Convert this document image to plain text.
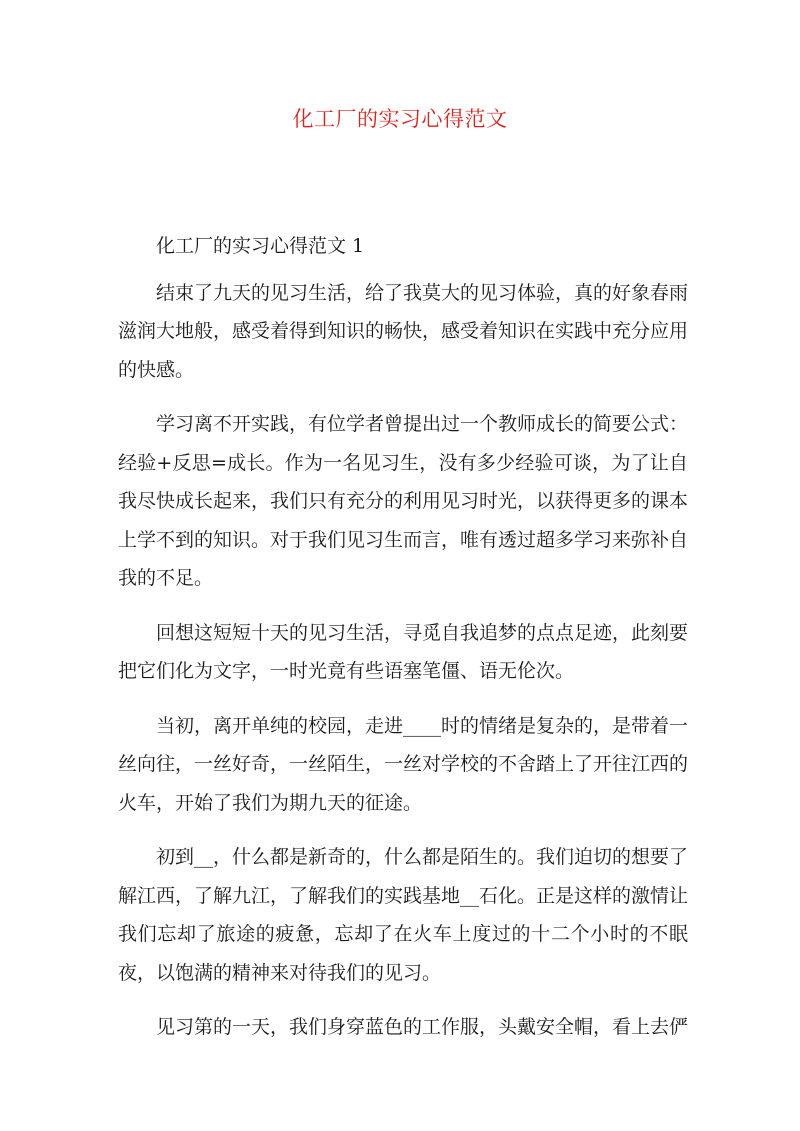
化工厂的实习心得范文

化工厂的实习心得范文 1

结束了九天的见习生活，给了我莫大的见习体验，真的好象春雨滋润大地般，感受着得到知识的畅快，感受着知识在实践中充分应用的快感。

学习离不开实践，有位学者曾提出过一个教师成长的简要公式：经验+反思=成长。作为一名见习生，没有多少经验可谈，为了让自我尽快成长起来，我们只有充分的利用见习时光，以获得更多的课本上学不到的知识。对于我们见习生而言，唯有透过超多学习来弥补自我的不足。

回想这短短十天的见习生活，寻觅自我追梦的点点足迹，此刻要把它们化为文字，一时光竟有些语塞笔僵、语无伦次。

当初，离开单纯的校园，走进____时的情绪是复杂的，是带着一丝向往，一丝好奇，一丝陌生，一丝对学校的不舍踏上了开往江西的火车，开始了我们为期九天的征途。

初到__，什么都是新奇的，什么都是陌生的。我们迫切的想要了解江西，了解九江，了解我们的实践基地__石化。正是这样的激情让我们忘却了旅途的疲惫，忘却了在火车上度过的十二个小时的不眠夜，以饱满的精神来对待我们的见习。

见习第的一天，我们身穿蓝色的工作服，头戴安全帽，看上去俨
